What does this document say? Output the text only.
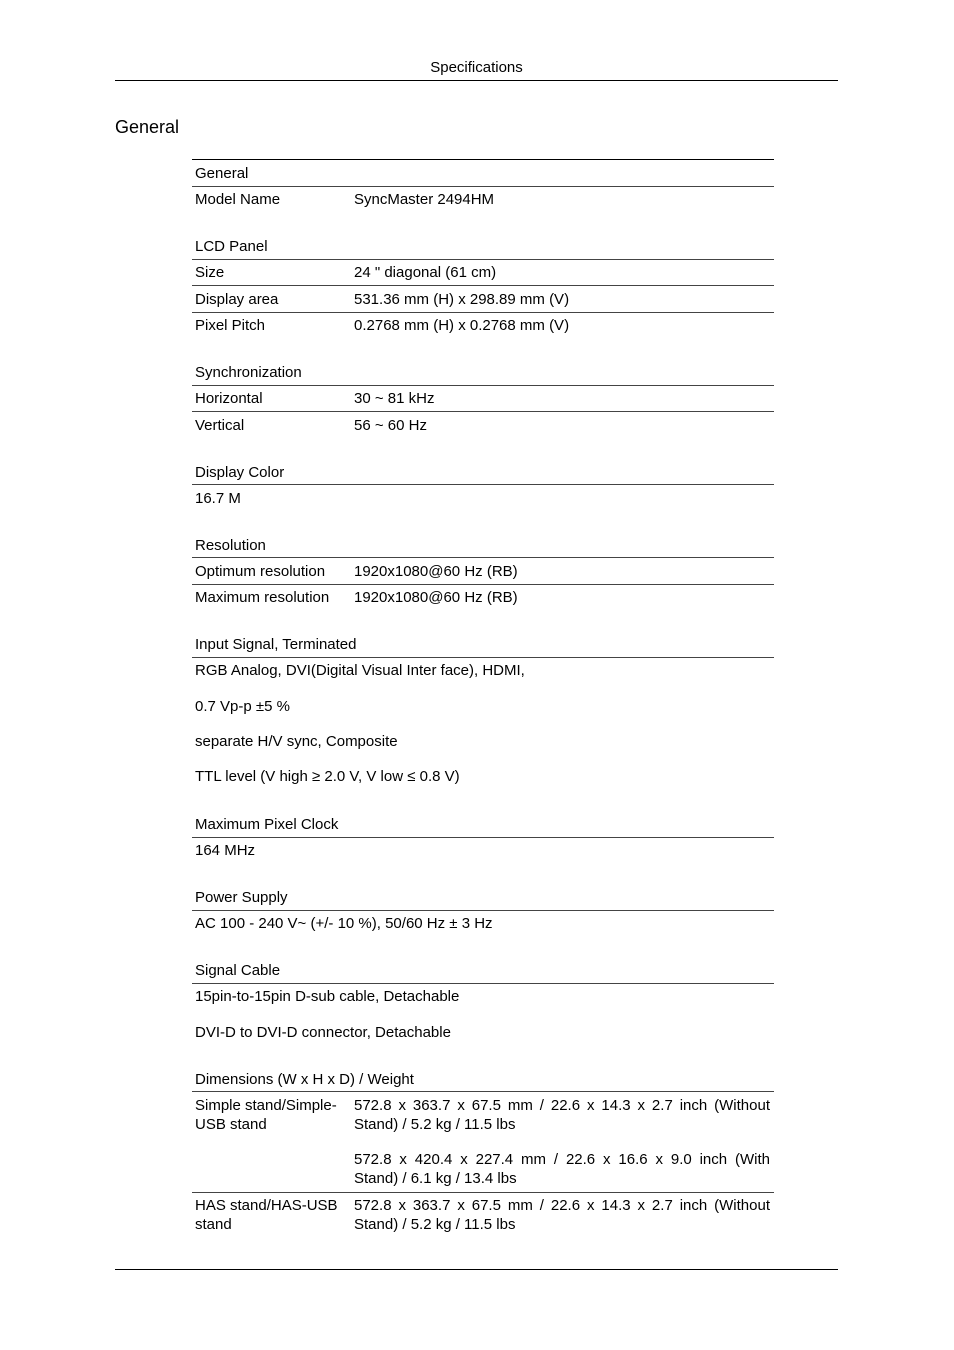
Specifications
General
General
Model Name	SyncMaster 2494HM
LCD Panel
Size	24 " diagonal (61 cm)
Display area	531.36 mm (H) x 298.89 mm (V)
Pixel Pitch	0.2768 mm (H) x 0.2768 mm (V)
Synchronization
Horizontal	30 ~ 81 kHz
Vertical	56 ~ 60 Hz
Display Color
16.7 M
Resolution
Optimum resolution 1920x1080@60 Hz (RB)
Maximum resolution 1920x1080@60 Hz (RB)
Input Signal, Terminated
RGB Analog, DVI(Digital Visual Inter face), HDMI,
0.7 Vp-p ±5 %
separate H/V sync, Composite
TTL level (V high ≥ 2.0 V, V low ≤ 0.8 V)
Maximum Pixel Clock
164 MHz
Power Supply
AC 100 - 240 V~ (+/- 10 %), 50/60 Hz ± 3 Hz
Signal Cable
15pin-to-15pin D-sub cable, Detachable
DVI-D to DVI-D connector, Detachable
Dimensions (W x H x D) / Weight
Simple stand/Simple-USB stand
572.8 x 363.7 x 67.5 mm / 22.6 x 14.3 x 2.7 inch (Without Stand) / 5.2 kg / 11.5 lbs
572.8 x 420.4 x 227.4 mm / 22.6 x 16.6 x 9.0 inch (With Stand) / 6.1 kg / 13.4 lbs
HAS stand/HAS-USB stand
572.8 x 363.7 x 67.5 mm / 22.6 x 14.3 x 2.7 inch (Without Stand) / 5.2 kg / 11.5 lbs
